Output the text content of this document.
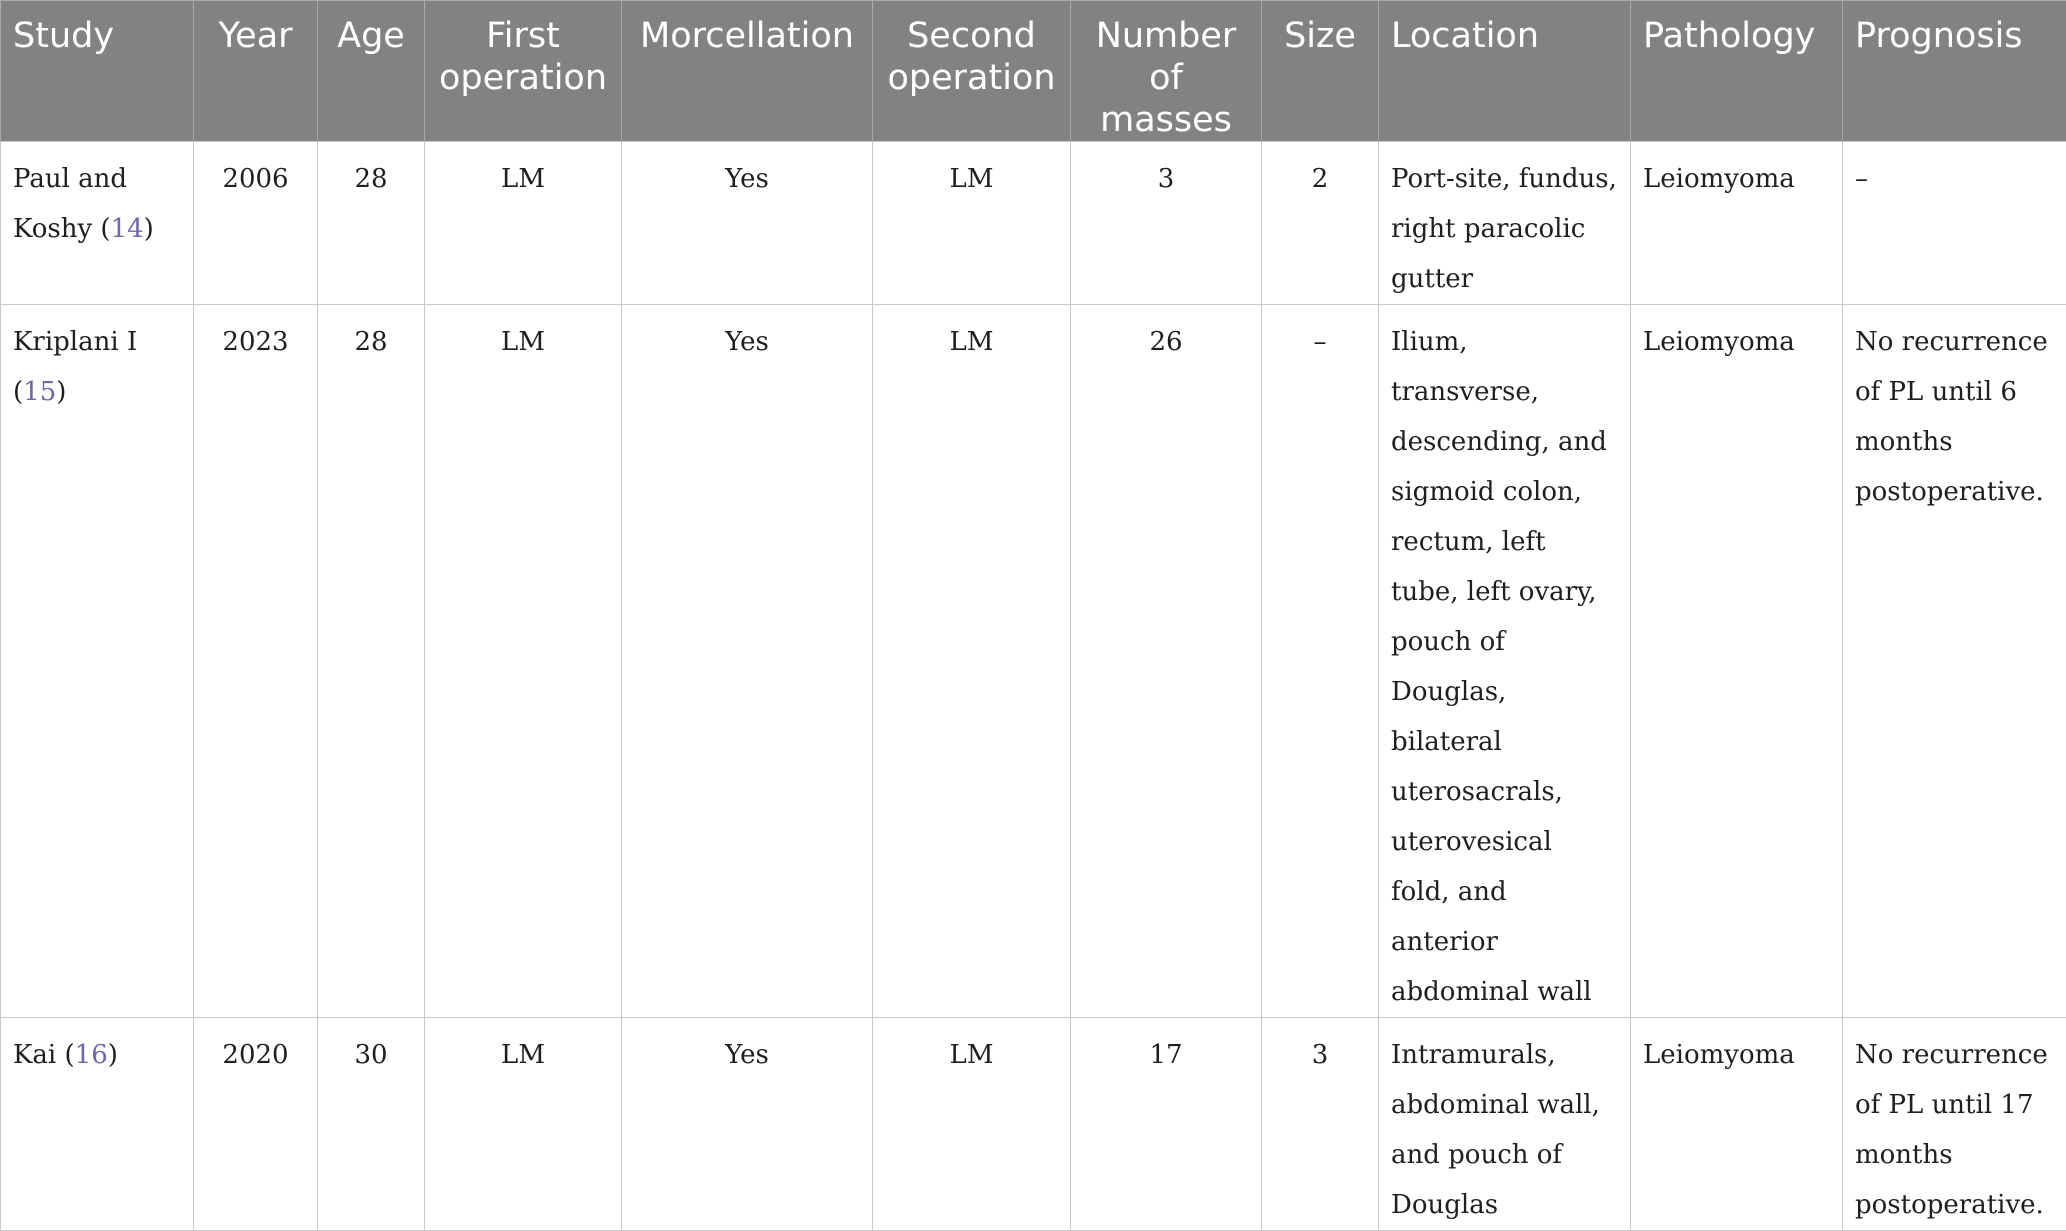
Study	Year	Age	First operation	Morcellation	Second operation	Number of masses	Size	Location	Pathology	Prognosis
Paul and Koshy (14)	2006	28	LM	Yes	LM	3	2	Port-site, fundus, right paracolic gutter	Leiomyoma	–
Kriplani I (15)	2023	28	LM	Yes	LM	26	–	Ilium, transverse, descending, and sigmoid colon, rectum, left tube, left ovary, pouch of Douglas, bilateral uterosacrals, uterovesical fold, and anterior abdominal wall	Leiomyoma	No recurrence of PL until 6 months postoperative.
Kai (16)	2020	30	LM	Yes	LM	17	3	Intramurals, abdominal wall, and pouch of Douglas	Leiomyoma	No recurrence of PL until 17 months postoperative.
